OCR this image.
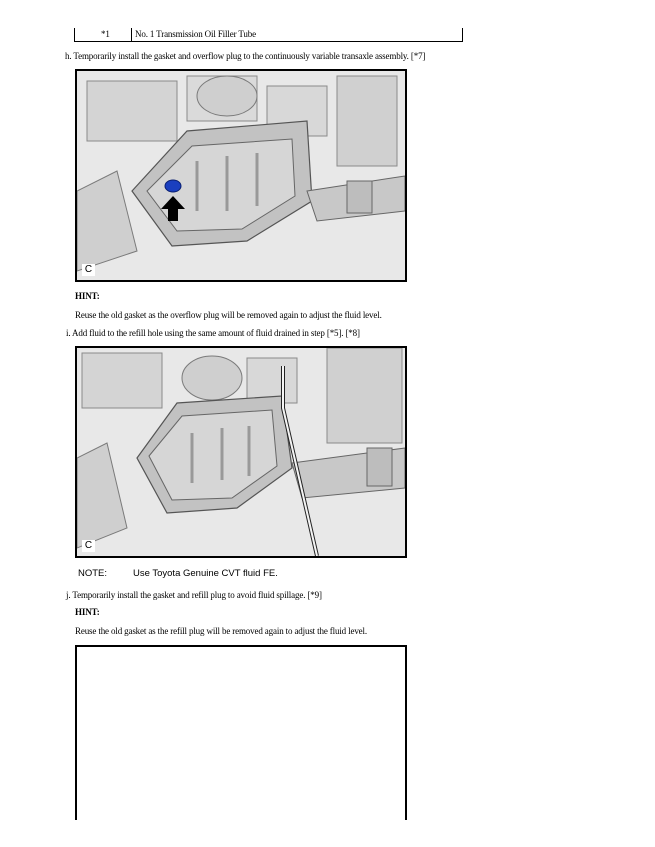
*1	No. 1 Transmission Oil Filler Tube
h. Temporarily install the gasket and overflow plug to the continuously variable transaxle assembly. [*7]
C
HINT:
Reuse the old gasket as the overflow plug will be removed again to adjust the fluid level.
i. Add fluid to the refill hole using the same amount of fluid drained in step [*5]. [*8]
C
NOTE:	Use Toyota Genuine CVT fluid FE.
j. Temporarily install the gasket and refill plug to avoid fluid spillage. [*9]
HINT:
Reuse the old gasket as the refill plug will be removed again to adjust the fluid level.
